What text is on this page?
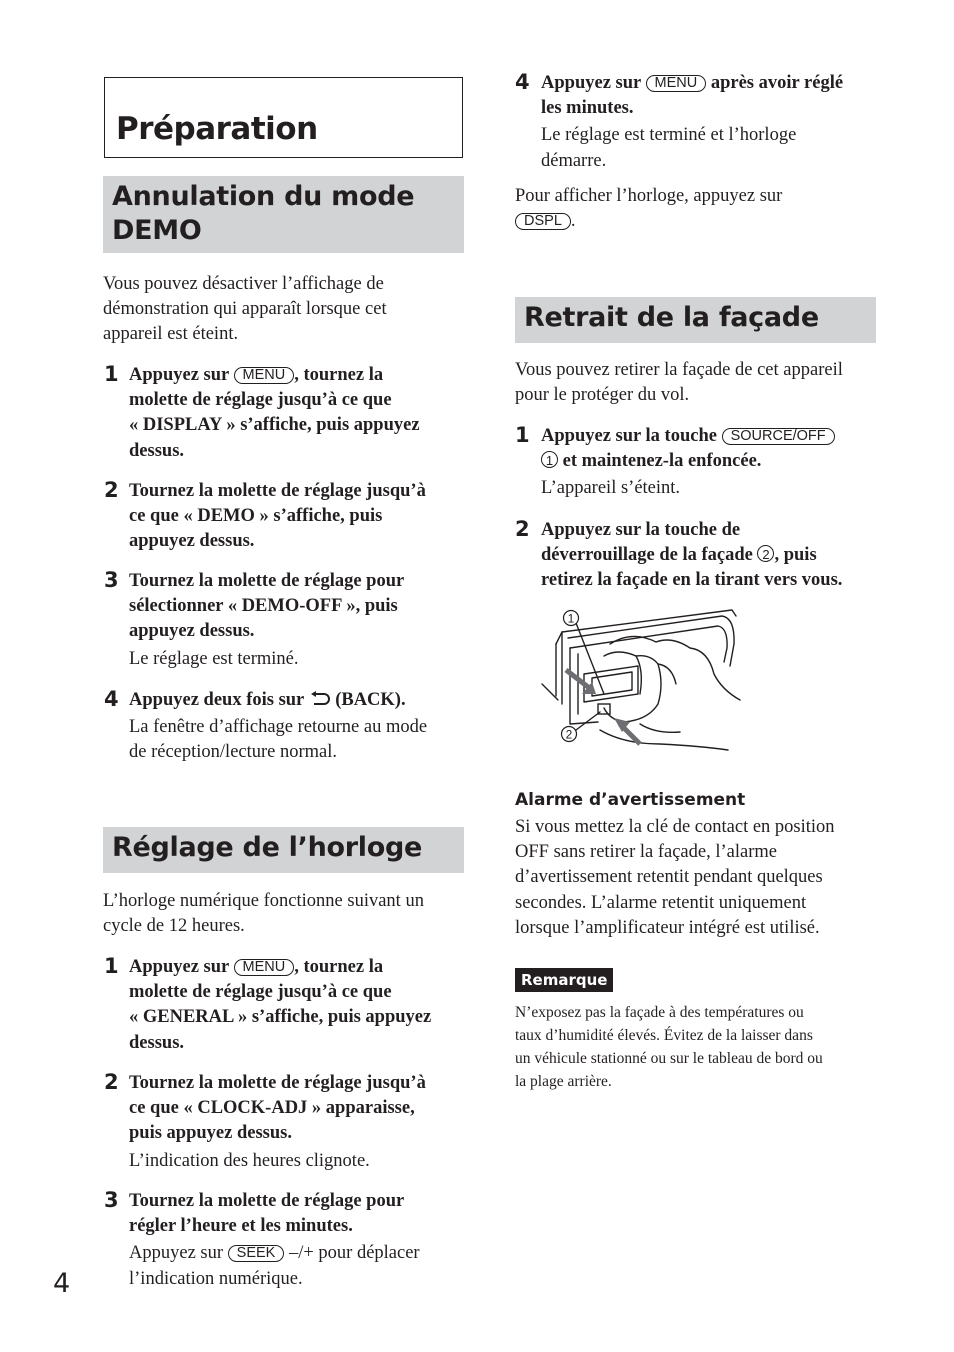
Préparation
Annulation du mode
DEMO
Vous pouvez désactiver l’affichage de
démonstration qui apparaît lorsque cet
appareil est éteint.
1 Appuyez sur MENU , tournez la
molette de réglage jusqu’à ce que
« DISPLAY » s’affiche, puis appuyez
dessus.
2 Tournez la molette de réglage jusqu’à
ce que « DEMO » s’affiche, puis
appuyez dessus.
3 Tournez la molette de réglage pour
sélectionner « DEMO-OFF », puis
appuyez dessus.
Le réglage est terminé.
4 Appuyez deux fois sur (BACK).
La fenêtre d’affichage retourne au mode
de réception/lecture normal.
Réglage de l’horloge
L’horloge numérique fonctionne suivant un
cycle de 12 heures.
1 Appuyez sur MENU , tournez la
molette de réglage jusqu’à ce que
« GENERAL » s’affiche, puis appuyez
dessus.
2 Tournez la molette de réglage jusqu’à
ce que « CLOCK-ADJ » apparaisse,
puis appuyez dessus.
L’indication des heures clignote.
3 Tournez la molette de réglage pour
régler l’heure et les minutes.
Appuyez sur SEEK –/+ pour déplacer
l’indication numérique.
4 Appuyez sur MENU après avoir réglé
les minutes.
Le réglage est terminé et l’horloge
démarre.
Pour afficher l’horloge, appuyez sur
DSPL .
Retrait de la façade
Vous pouvez retirer la façade de cet appareil
pour le protéger du vol.
1 Appuyez sur la touche SOURCE/OFF
1 et maintenez-la enfoncée.
L’appareil s’éteint.
2 Appuyez sur la touche de
déverrouillage de la façade 2 , puis
retirez la façade en la tirant vers vous.
1
2
Alarme d’avertissement
Si vous mettez la clé de contact en position
OFF sans retirer la façade, l’alarme
d’avertissement retentit pendant quelques
secondes. L’alarme retentit uniquement
lorsque l’amplificateur intégré est utilisé.
Remarque
N’exposez pas la façade à des températures ou
taux d’humidité élevés. Évitez de la laisser dans
un véhicule stationné ou sur le tableau de bord ou
la plage arrière.
4
